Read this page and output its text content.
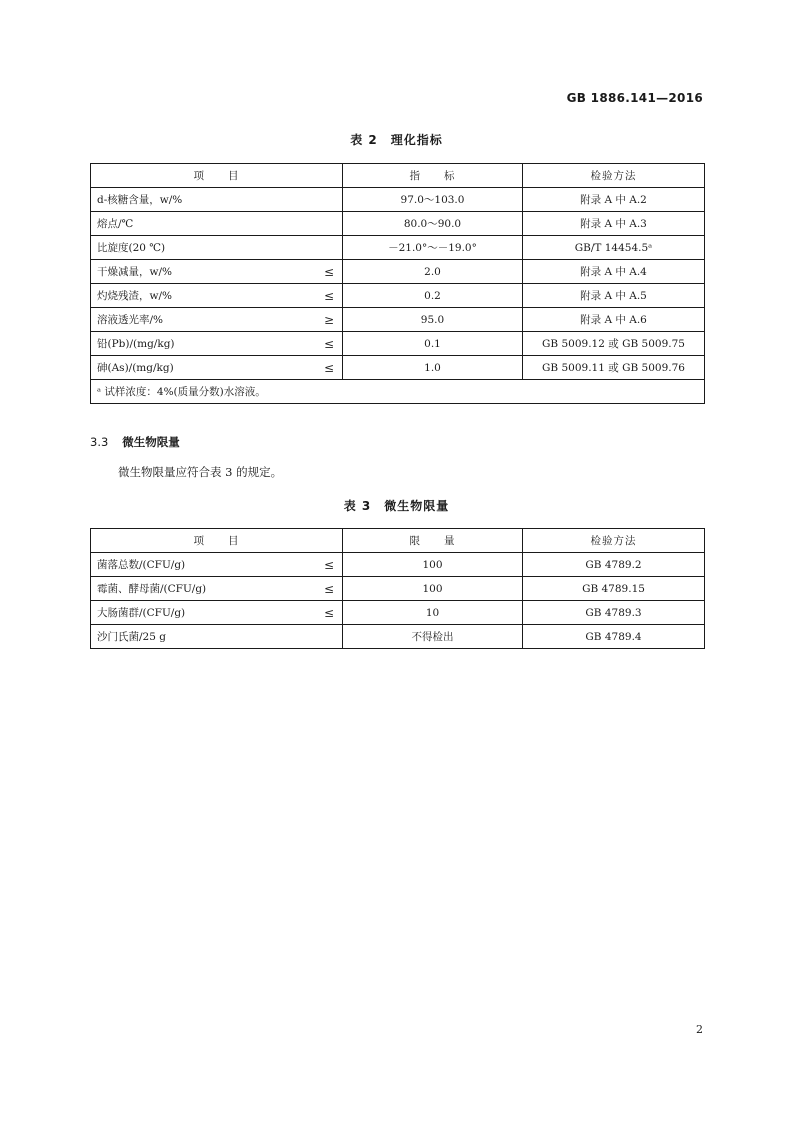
GB 1886.141—2016
表 2　理化指标
项　　目	指　　标	检验方法
d-核糖含量，w/%	97.0～103.0	附录 A 中 A.2
熔点/℃	80.0～90.0	附录 A 中 A.3
比旋度(20 ℃)	－21.0°～－19.0°	GB/T 14454.5ᵃ
干燥减量，w/% ≤	2.0	附录 A 中 A.4
灼烧残渣，w/% ≤	0.2	附录 A 中 A.5
溶液透光率/% ≥	95.0	附录 A 中 A.6
铅(Pb)/(mg/kg) ≤	0.1	GB 5009.12 或 GB 5009.75
砷(As)/(mg/kg) ≤	1.0	GB 5009.11 或 GB 5009.76
ᵃ 试样浓度：4%(质量分数)水溶液。		
3.3 微生物限量
微生物限量应符合表 3 的规定。
表 3　微生物限量
项　　目	限　　量	检验方法
菌落总数/(CFU/g) ≤	100	GB 4789.2
霉菌、酵母菌/(CFU/g) ≤	100	GB 4789.15
大肠菌群/(CFU/g) ≤	10	GB 4789.3
沙门氏菌/25 g	不得检出	GB 4789.4
2
